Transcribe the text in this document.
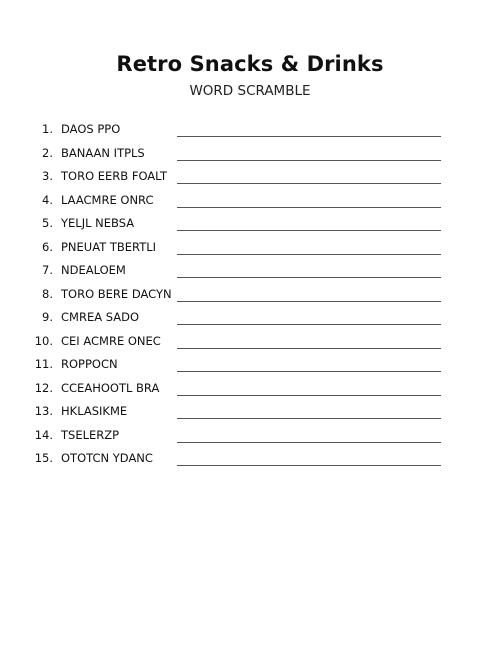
Retro Snacks & Drinks
WORD SCRAMBLE
1. DAOS PPO
2. BANAAN ITPLS
3. TORO EERB FOALT
4. LAACMRE ONRC
5. YELJL NEBSA
6. PNEUAT TBERTLI
7. NDEALOEM
8. TORO BERE DACYN
9. CMREA SADO
10. CEI ACMRE ONEC
11. ROPPOCN
12. CCEAHOOTL BRA
13. HKLASIKME
14. TSELERZP
15. OTOTCN YDANC
